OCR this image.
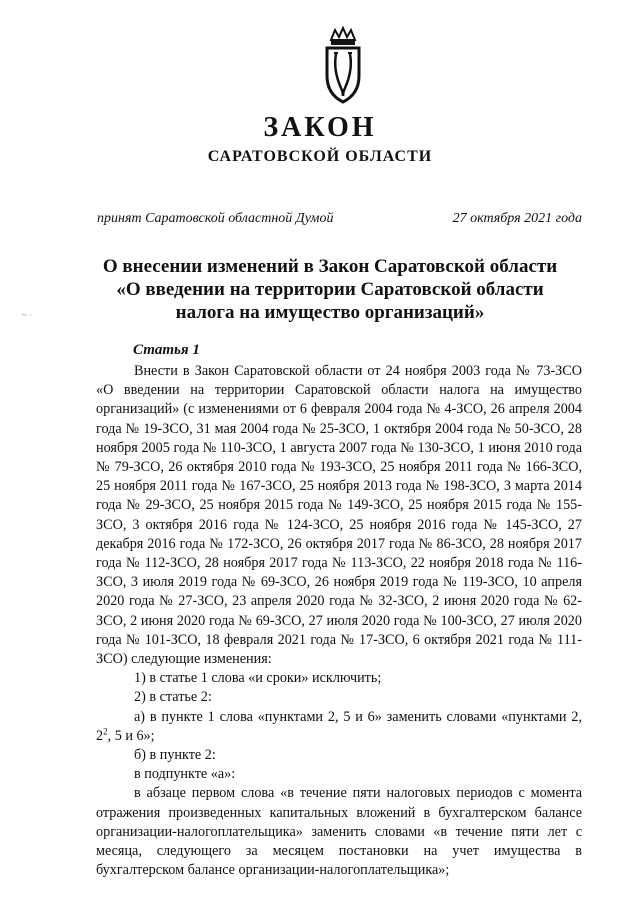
ЗАКОН
САРАТОВСКОЙ ОБЛАСТИ
принят Саратовской областной Думой	27 октября 2021 года
О внесении изменений в Закон Саратовской области
«О введении на территории Саратовской области
налога на имущество организаций»
~ ·
Статья 1

Внести в Закон Саратовской области от 24 ноября 2003 года № 73-ЗСО «О введении на территории Саратовской области налога на имущество организаций» (с изменениями от 6 февраля 2004 года № 4-ЗСО, 26 апреля 2004 года № 19-ЗСО, 31 мая 2004 года № 25-ЗСО, 1 октября 2004 года № 50-ЗСО, 28 ноября 2005 года № 110-ЗСО, 1 августа 2007 года № 130-ЗСО, 1 июня 2010 года № 79-ЗСО, 26 октября 2010 года № 193-ЗСО, 25 ноября 2011 года № 166-ЗСО, 25 ноября 2011 года № 167-ЗСО, 25 ноября 2013 года № 198-ЗСО, 3 марта 2014 года № 29-ЗСО, 25 ноября 2015 года № 149-ЗСО, 25 ноября 2015 года № 155-ЗСО, 3 октября 2016 года № 124-ЗСО, 25 ноября 2016 года № 145-ЗСО, 27 декабря 2016 года № 172-ЗСО, 26 октября 2017 года № 86-ЗСО, 28 ноября 2017 года № 112-ЗСО, 28 ноября 2017 года № 113-ЗСО, 22 ноября 2018 года № 116-ЗСО, 3 июля 2019 года № 69-ЗСО, 26 ноября 2019 года № 119-ЗСО, 10 апреля 2020 года № 27-ЗСО, 23 апреля 2020 года № 32-ЗСО, 2 июня 2020 года № 62-ЗСО, 2 июня 2020 года № 69-ЗСО, 27 июля 2020 года № 100-ЗСО, 27 июля 2020 года № 101-ЗСО, 18 февраля 2021 года № 17-ЗСО, 6 октября 2021 года № 111-ЗСО) следующие изменения:

1) в статье 1 слова «и сроки» исключить;

2) в статье 2:

а) в пункте 1 слова «пунктами 2, 5 и 6» заменить словами «пунктами 2, $2^2$, 5 и 6»;

б) в пункте 2:

в подпункте «а»:

в абзаце первом слова «в течение пяти налоговых периодов с момента отражения произведенных капитальных вложений в бухгалтерском балансе организации-налогоплательщика» заменить словами «в течение пяти лет с месяца, следующего за месяцем постановки на учет имущества в бухгалтерском балансе организации-налогоплательщика»;
